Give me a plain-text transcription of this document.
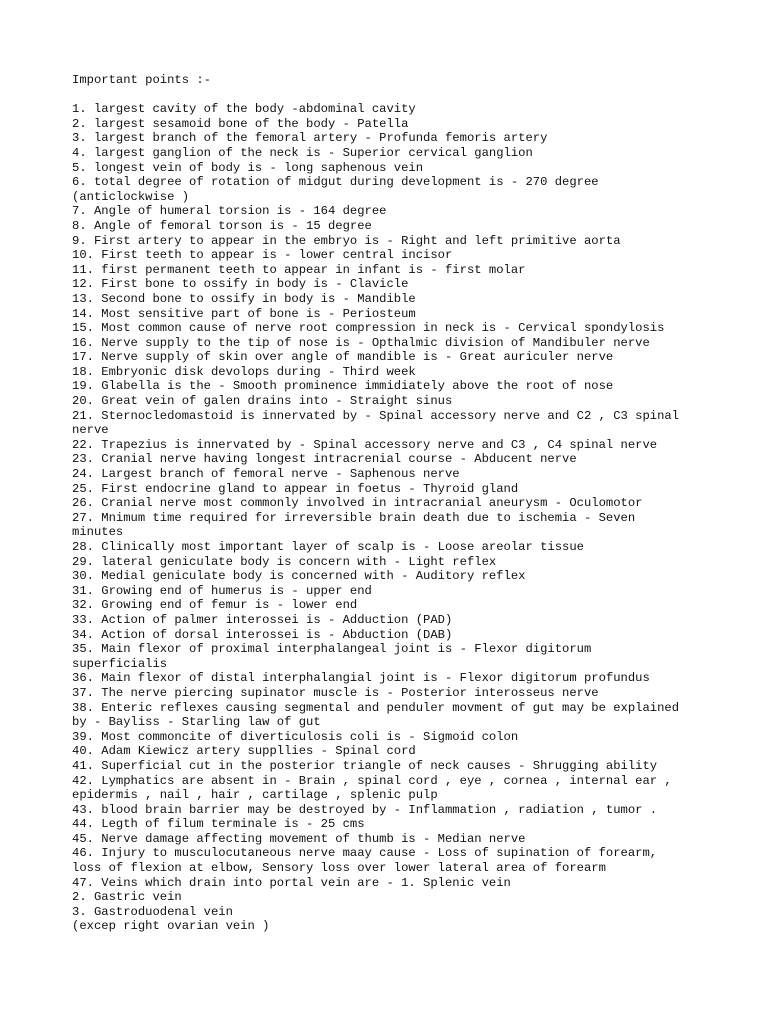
Important points :-

1. largest cavity of the body -abdominal cavity

2. largest sesamoid bone of the body - Patella

3. largest branch of the femoral artery - Profunda femoris artery

4. largest ganglion of the neck is - Superior cervical ganglion

5. longest vein of body is - long saphenous vein

6. total degree of rotation of midgut during development is - 270 degree

(anticlockwise )

7. Angle of humeral torsion is - 164 degree

8. Angle of femoral torson is - 15 degree

9. First artery to appear in the embryo is - Right and left primitive aorta

10. First teeth to appear is - lower central incisor

11. first permanent teeth to appear in infant is - first molar

12. First bone to ossify in body is - Clavicle

13. Second bone to ossify in body is - Mandible

14. Most sensitive part of bone is - Periosteum

15. Most common cause of nerve root compression in neck is - Cervical spondylosis

16. Nerve supply to the tip of nose is - Opthalmic division of Mandibuler nerve

17. Nerve supply of skin over angle of mandible is - Great auriculer nerve

18. Embryonic disk devolops during - Third week

19. Glabella is the - Smooth prominence immidiately above the root of nose

20. Great vein of galen drains into - Straight sinus

21. Sternocledomastoid is innervated by - Spinal accessory nerve and C2 , C3 spinal

nerve

22. Trapezius is innervated by - Spinal accessory nerve and C3 , C4 spinal nerve

23. Cranial nerve having longest intracrenial course - Abducent nerve

24. Largest branch of femoral nerve - Saphenous nerve

25. First endocrine gland to appear in foetus - Thyroid gland

26. Cranial nerve most commonly involved in intracranial aneurysm - Oculomotor

27. Mnimum time required for irreversible brain death due to ischemia - Seven

minutes

28. Clinically most important layer of scalp is - Loose areolar tissue

29. lateral geniculate body is concern with - Light reflex

30. Medial geniculate body is concerned with - Auditory reflex

31. Growing end of humerus is - upper end

32. Growing end of femur is - lower end

33. Action of palmer interossei is - Adduction (PAD)

34. Action of dorsal interossei is - Abduction (DAB)

35. Main flexor of proximal interphalangeal joint is - Flexor digitorum

superficialis

36. Main flexor of distal interphalangial joint is - Flexor digitorum profundus

37. The nerve piercing supinator muscle is - Posterior interosseus nerve

38. Enteric reflexes causing segmental and penduler movment of gut may be explained

by - Bayliss - Starling law of gut

39. Most commoncite of diverticulosis coli is - Sigmoid colon

40. Adam Kiewicz artery suppllies - Spinal cord

41. Superficial cut in the posterior triangle of neck causes - Shrugging ability

42. Lymphatics are absent in - Brain , spinal cord , eye , cornea , internal ear ,

epidermis , nail , hair , cartilage , splenic pulp

43. blood brain barrier may be destroyed by - Inflammation , radiation , tumor .

44. Legth of filum terminale is - 25 cms

45. Nerve damage affecting movement of thumb is - Median nerve

46. Injury to musculocutaneous nerve maay cause - Loss of supination of forearm,

loss of flexion at elbow, Sensory loss over lower lateral area of forearm

47. Veins which drain into portal vein are - 1. Splenic vein

2. Gastric vein

3. Gastroduodenal vein

(excep right ovarian vein )
